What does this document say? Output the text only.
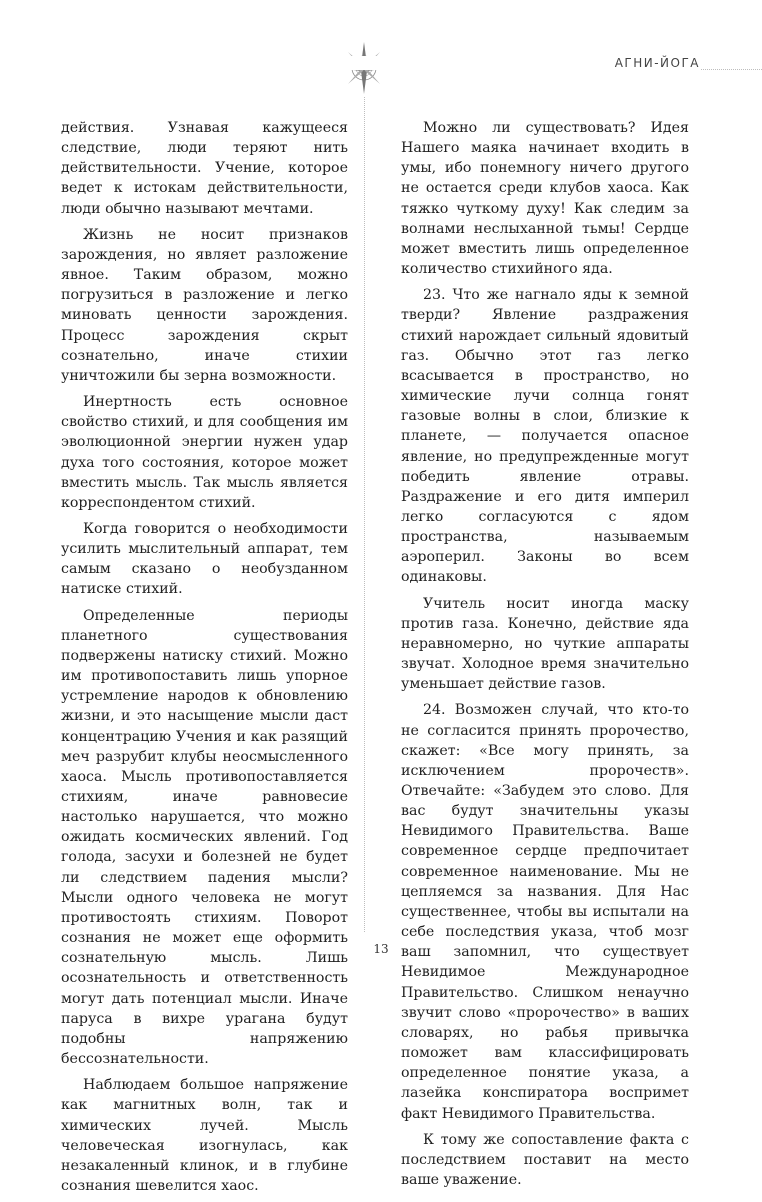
АГНИ-ЙОГА

действия. Узнавая кажущееся следствие, люди теряют нить действительности. Учение, которое ведет к истокам действительности, люди обычно называют мечтами.

Жизнь не носит признаков зарождения, но являет разложение явное. Таким образом, можно погрузиться в разложение и легко миновать ценности зарождения. Процесс зарождения скрыт сознательно, иначе стихии уничтожили бы зерна возможности.

Инертность есть основное свойство стихий, и для сообщения им эволюционной энергии нужен удар духа того состояния, которое может вместить мысль. Так мысль является корреспондентом стихий.

Когда говорится о необходимости усилить мыслительный аппарат, тем самым сказано о необузданном натиске стихий.

Определенные периоды планетного существования подвержены натиску стихий. Можно им противопоставить лишь упорное устремление народов к обновлению жизни, и это насыщение мысли даст концентрацию Учения и как разящий меч разрубит клубы неосмысленного хаоса. Мысль противопоставляется стихиям, иначе равновесие настолько нарушается, что можно ожидать космических явлений. Год голода, засухи и болезней не будет ли следствием падения мысли? Мысли одного человека не могут противостоять стихиям. Поворот сознания не может еще оформить сознательную мысль. Лишь осознательность и ответственность могут дать потенциал мысли. Иначе паруса в вихре урагана будут подобны напряжению бессознательности.

Наблюдаем большое напряжение как магнитных волн, так и химических лучей. Мысль человеческая изогнулась, как незакаленный клинок, и в глубине сознания шевелится хаос.

Можно ли существовать? Идея Нашего маяка начинает входить в умы, ибо понемногу ничего другого не остается среди клубов хаоса. Как тяжко чуткому духу! Как следим за волнами неслыханной тьмы! Сердце может вместить лишь определенное количество стихийного яда.

23. Что же нагнало яды к земной тверди? Явление раздражения стихий нарождает сильный ядовитый газ. Обычно этот газ легко всасывается в пространство, но химические лучи солнца гонят газовые волны в слои, близкие к планете, — получается опасное явление, но предупрежденные могут победить явление отравы. Раздражение и его дитя империл легко согласуются с ядом пространства, называемым аэроперил. Законы во всем одинаковы.

Учитель носит иногда маску против газа. Конечно, действие яда неравномерно, но чуткие аппараты звучат. Холодное время значительно уменьшает действие газов.

24. Возможен случай, что кто-то не согласится принять пророчество, скажет: «Все могу принять, за исключением пророчеств». Отвечайте: «Забудем это слово. Для вас будут значительны указы Невидимого Правительства. Ваше современное сердце предпочитает современное наименование. Мы не цепляемся за названия. Для Нас существеннее, чтобы вы испытали на себе последствия указа, чтоб мозг ваш запомнил, что существует Невидимое Международное Правительство. Слишком ненаучно звучит слово «пророчество» в ваших словарях, но рабья привычка поможет вам классифицировать определенное понятие указа, а лазейка конспиратора воспримет факт Невидимого Правительства.

К тому же сопоставление факта с последствием поставит на место ваше уважение.

13
